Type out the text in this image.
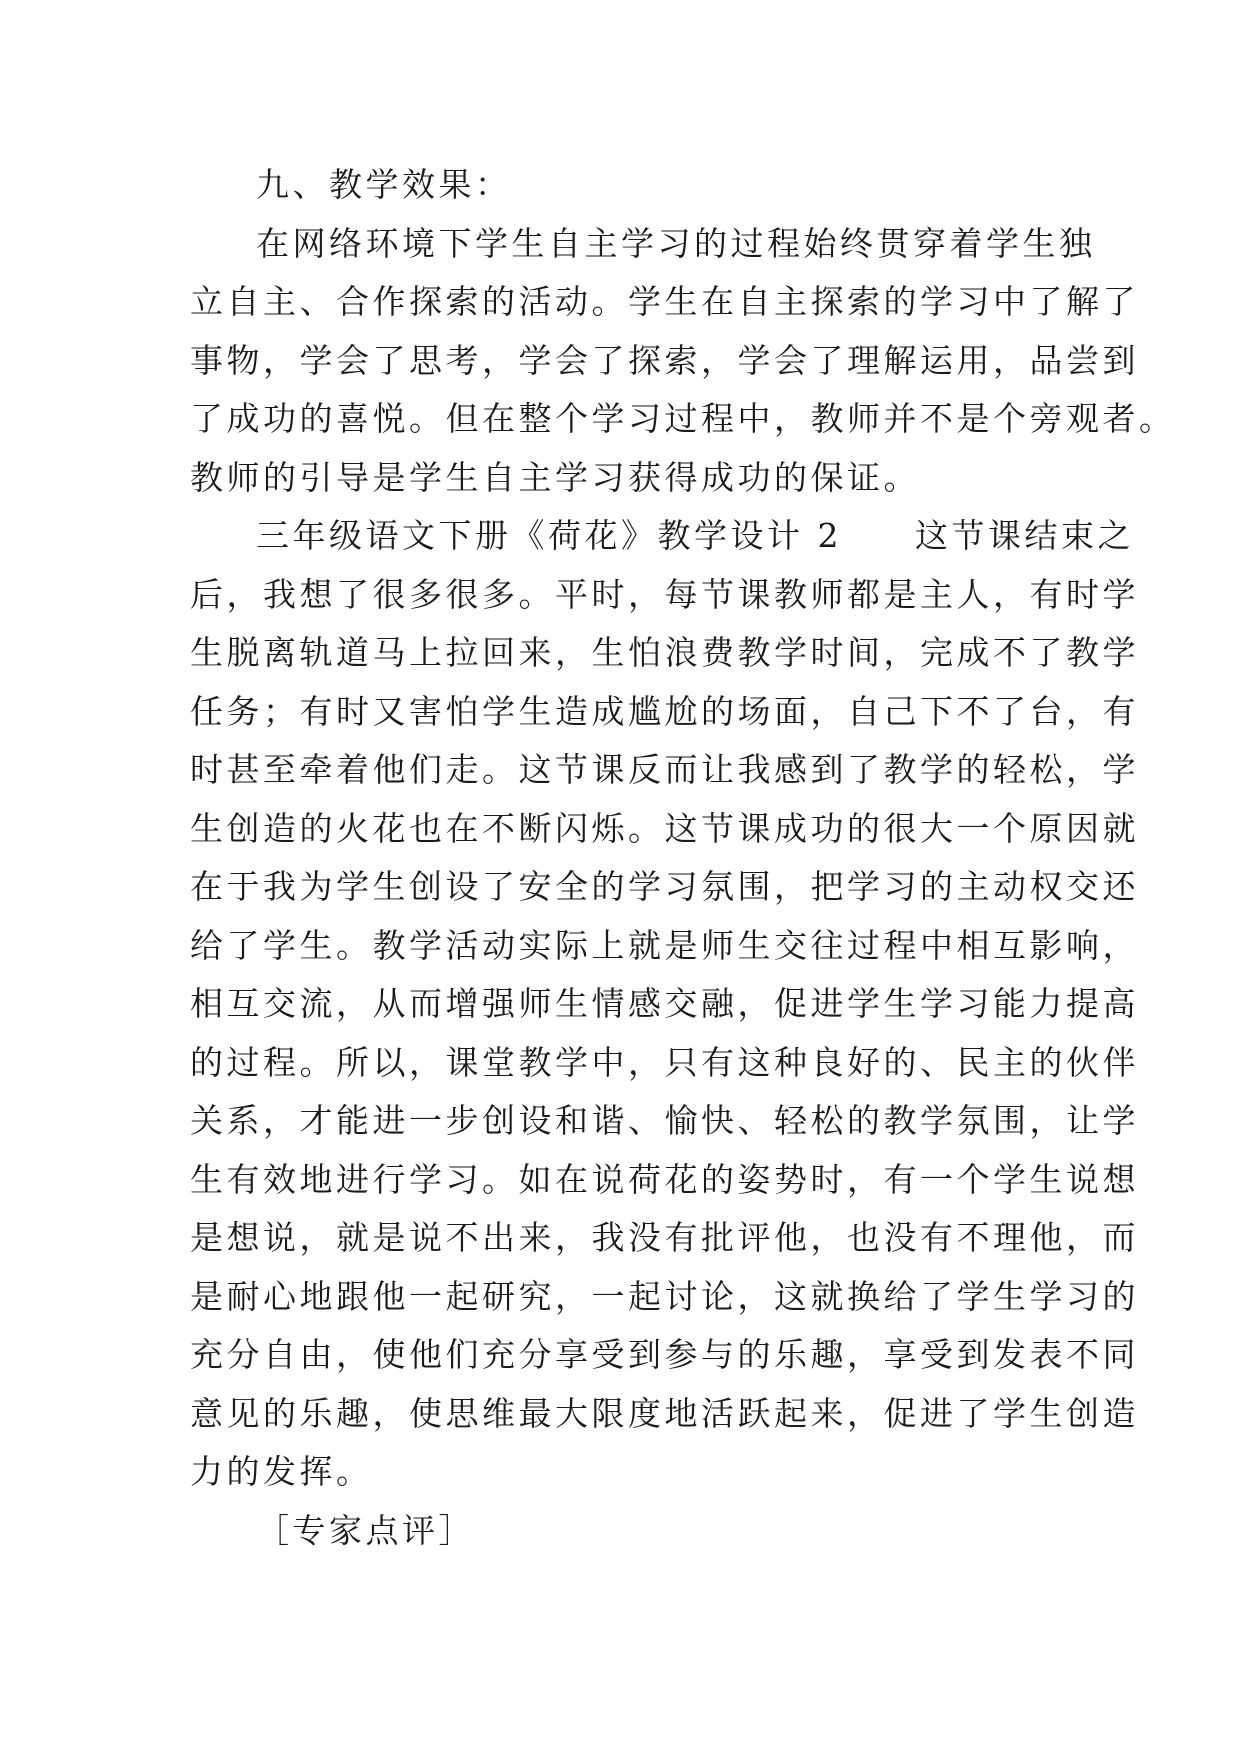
九、教学效果：
在网络环境下学生自主学习的过程始终贯穿着学生独
立自主、合作探索的活动。学生在自主探索的学习中了解了
事物，学会了思考，学会了探索，学会了理解运用，品尝到
了成功的喜悦。但在整个学习过程中，教师并不是个旁观者。
教师的引导是学生自主学习获得成功的保证。
三年级语文下册《荷花》教学设计 2　　这节课结束之
后，我想了很多很多。平时，每节课教师都是主人，有时学
生脱离轨道马上拉回来，生怕浪费教学时间，完成不了教学
任务；有时又害怕学生造成尴尬的场面，自己下不了台，有
时甚至牵着他们走。这节课反而让我感到了教学的轻松，学
生创造的火花也在不断闪烁。这节课成功的很大一个原因就
在于我为学生创设了安全的学习氛围，把学习的主动权交还
给了学生。教学活动实际上就是师生交往过程中相互影响，
相互交流，从而增强师生情感交融，促进学生学习能力提高
的过程。所以，课堂教学中，只有这种良好的、民主的伙伴
关系，才能进一步创设和谐、愉快、轻松的教学氛围，让学
生有效地进行学习。如在说荷花的姿势时，有一个学生说想
是想说，就是说不出来，我没有批评他，也没有不理他，而
是耐心地跟他一起研究，一起讨论，这就换给了学生学习的
充分自由，使他们充分享受到参与的乐趣，享受到发表不同
意见的乐趣，使思维最大限度地活跃起来，促进了学生创造
力的发挥。
［专家点评］
